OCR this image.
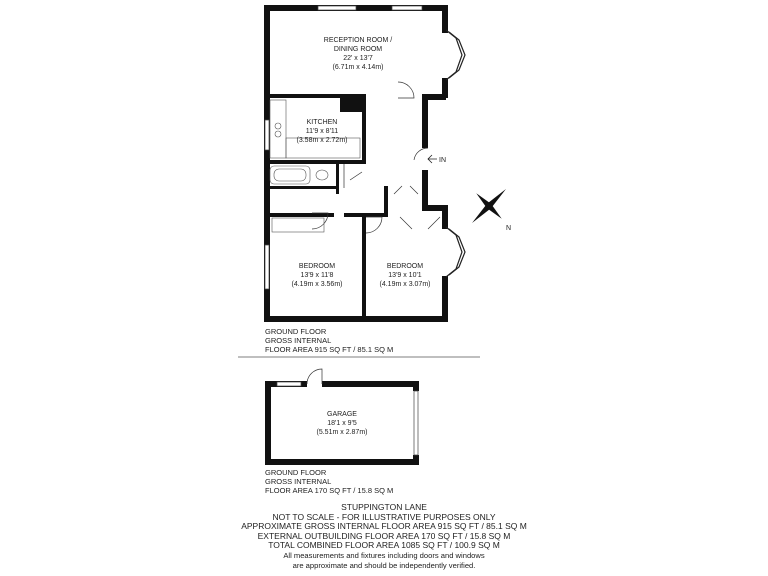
IN
RECEPTION ROOM /
DINING ROOM
22' x 13'7
(6.71m x 4.14m)
KITCHEN
11'9 x 8'11
(3.58m x 2.72m)
BEDROOM
13'9 x 11'8
(4.19m x 3.56m)
BEDROOM
13'9 x 10'1
(4.19m x 3.07m)
N
GARAGE
18'1 x 9'5
(5.51m x 2.87m)
GROUND FLOOR
GROSS INTERNAL
FLOOR AREA 915 SQ FT / 85.1 SQ M
GROUND FLOOR
GROSS INTERNAL
FLOOR AREA 170 SQ FT / 15.8 SQ M
STUPPINGTON LANE
NOT TO SCALE - FOR ILLUSTRATIVE PURPOSES ONLY
APPROXIMATE GROSS INTERNAL FLOOR AREA 915 SQ FT / 85.1 SQ M
EXTERNAL OUTBUILDING FLOOR AREA 170 SQ FT / 15.8 SQ M
TOTAL COMBINED FLOOR AREA 1085 SQ FT / 100.9 SQ M
All measurements and fixtures including doors and windows
are approximate and should be independently verified.
